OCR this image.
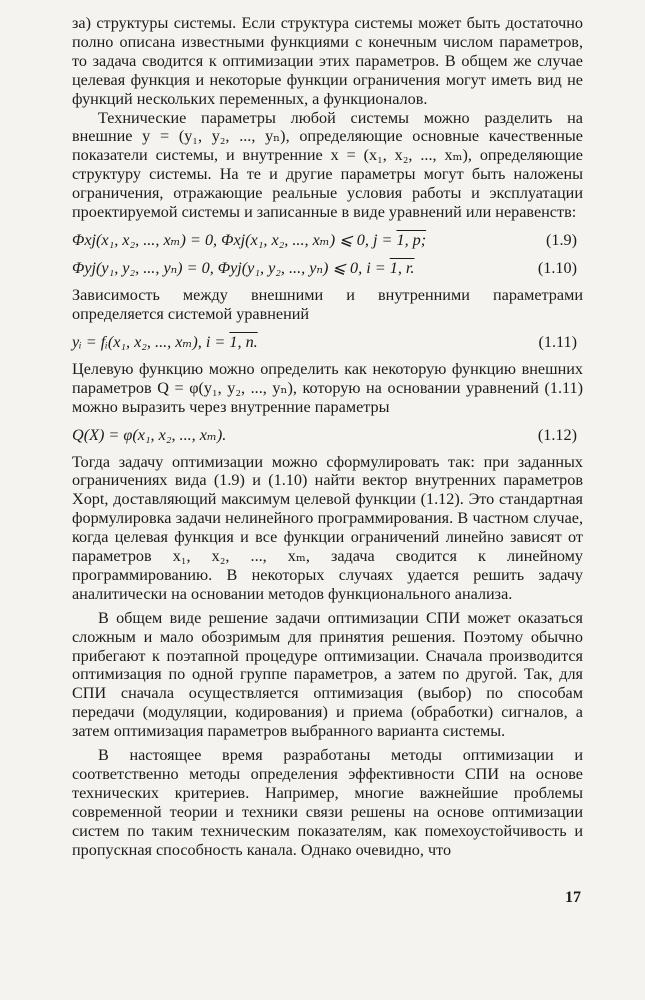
за) структуры системы. Если структура системы может быть достаточно полно описана известными функциями с конечным числом параметров, то задача сводится к оптимизации этих параметров. В общем же случае целевая функция и некоторые функции ограничения могут иметь вид не функций нескольких переменных, а функционалов.

Технические параметры любой системы можно разделить на внешние y = (y₁, y₂, ..., yₙ), определяющие основные качественные показатели системы, и внутренние x = (x₁, x₂, ..., xₘ), определяющие структуру системы. На те и другие параметры могут быть наложены ограничения, отражающие реальные условия работы и эксплуатации проектируемой системы и записанные в виде уравнений или неравенств:

Φxj(x₁, x₂, ..., xₘ) = 0, Φxj(x₁, x₂, ..., xₘ) ⩽ 0, j = 1, p;	(1.9)
Φyj(y₁, y₂, ..., yₙ) = 0, Φyj(y₁, y₂, ..., yₙ) ⩽ 0, i = 1, r.	(1.10)

Зависимость между внешними и внутренними параметрами определяется системой уравнений

yᵢ = fᵢ(x₁, x₂, ..., xₘ), i = 1, n.	(1.11)

Целевую функцию можно определить как некоторую функцию внешних параметров Q = φ(y₁, y₂, ..., yₙ), которую на основании уравнений (1.11) можно выразить через внутренние параметры

Q(X) = φ(x₁, x₂, ..., xₘ).	(1.12)

Тогда задачу оптимизации можно сформулировать так: при заданных ограничениях вида (1.9) и (1.10) найти вектор внутренних параметров Xopt, доставляющий максимум целевой функции (1.12). Это стандартная формулировка задачи нелинейного программирования. В частном случае, когда целевая функция и все функции ограничений линейно зависят от параметров x₁, x₂, ..., xₘ, задача сводится к линейному программированию. В некоторых случаях удается решить задачу аналитически на основании методов функционального анализа.

В общем виде решение задачи оптимизации СПИ может оказаться сложным и мало обозримым для принятия решения. Поэтому обычно прибегают к поэтапной процедуре оптимизации. Сначала производится оптимизация по одной группе параметров, а затем по другой. Так, для СПИ сначала осуществляется оптимизация (выбор) по способам передачи (модуляции, кодирования) и приема (обработки) сигналов, а затем оптимизация параметров выбранного варианта системы.

В настоящее время разработаны методы оптимизации и соответственно методы определения эффективности СПИ на основе технических критериев. Например, многие важнейшие проблемы современной теории и техники связи решены на основе оптимизации систем по таким техническим показателям, как помехоустойчивость и пропускная способность канала. Однако очевидно, что

17
